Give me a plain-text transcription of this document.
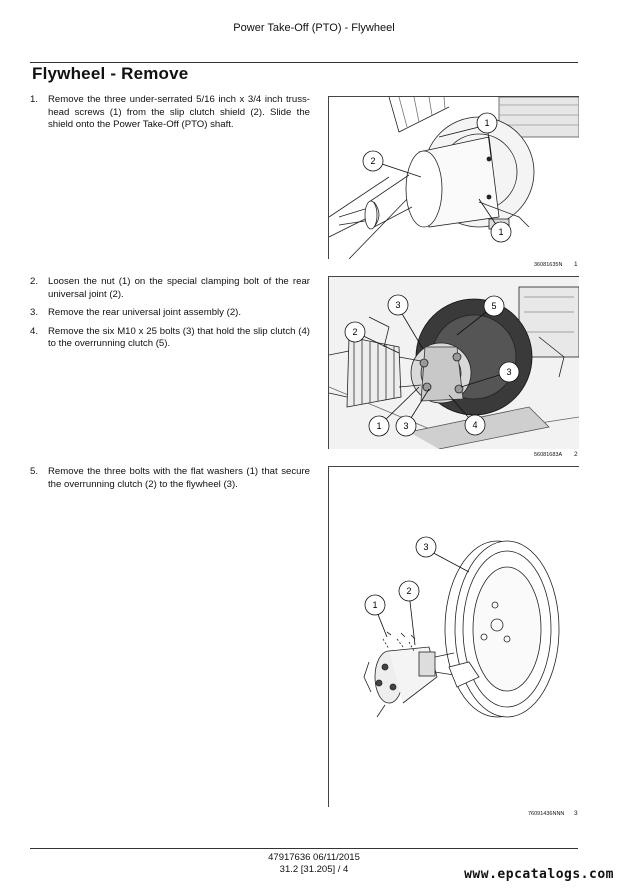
Power Take-Off (PTO) - Flywheel
Flywheel - Remove
1.	Remove the three under-serrated 5/16 inch x 3/4 inch truss-head screws (1) from the slip clutch shield (2). Slide the shield onto the Power Take-Off (PTO) shaft.
2.	Loosen the nut (1) on the special clamping bolt of the rear universal joint (2).
3.	Remove the rear universal joint assembly (2).
4.	Remove the six M10 x 25 bolts (3) that hold the slip clutch (4) to the overrunning clutch (5).
5.	Remove the three bolts with the flat washers (1) that secure the overrunning clutch (2) to the flywheel (3).
1
2
1
36081635N 1
3	5
2
3
1 3	4
56081683A 2
3
2
1
76091436NNN 3
47917636 06/11/2015
31.2 [31.205] / 4	www.epcatalogs.com
